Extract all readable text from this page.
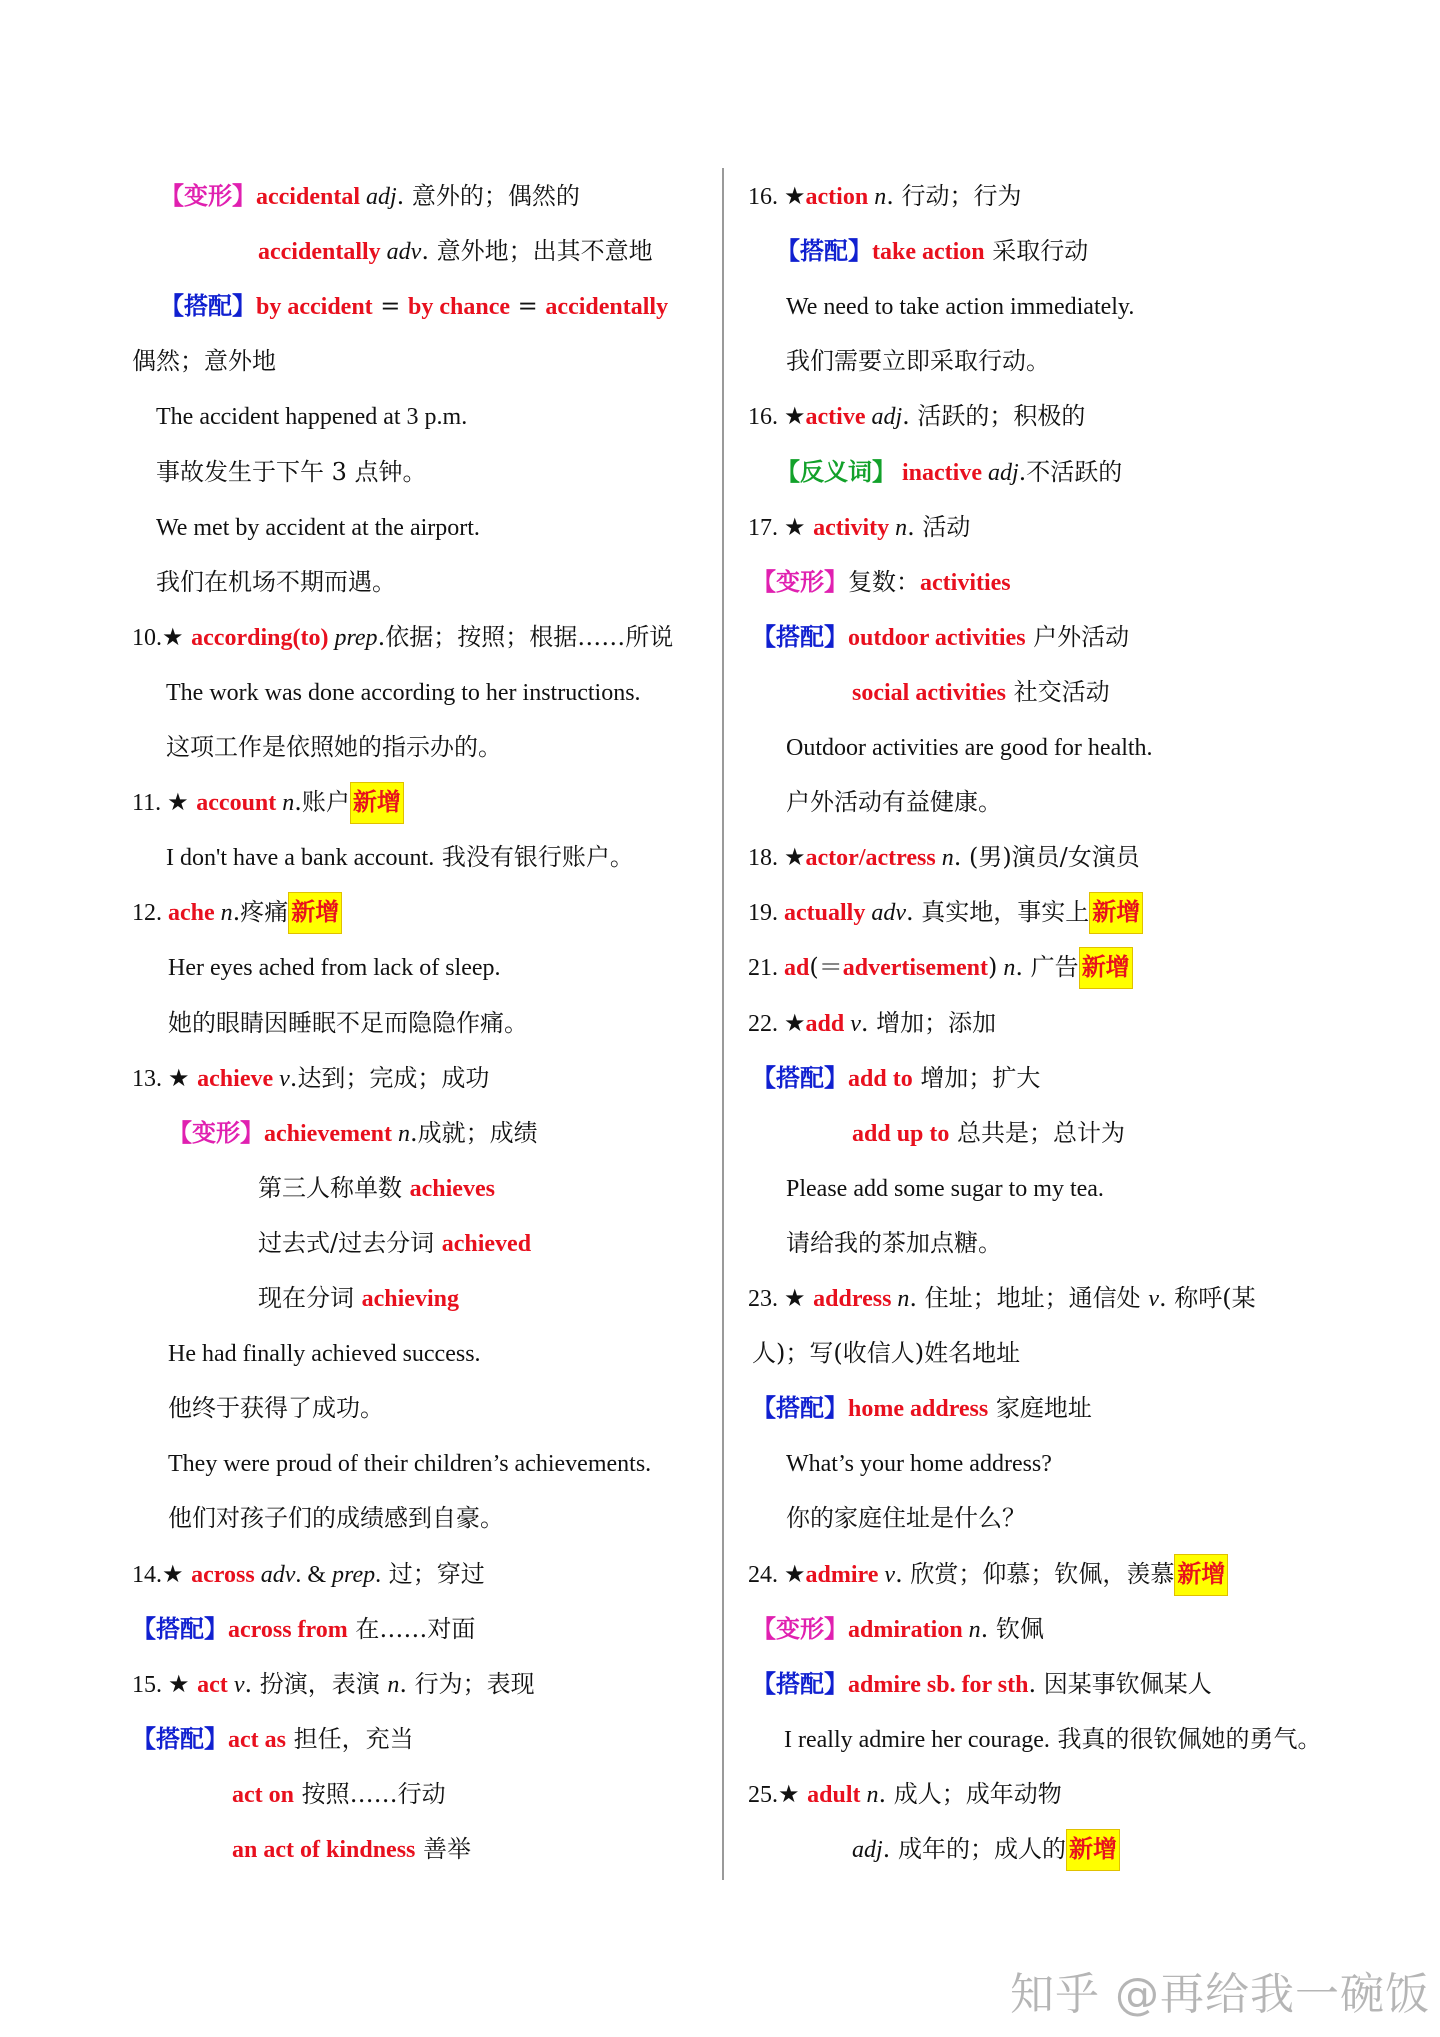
【变形】accidental adj. 意外的；偶然的
accidentally adv. 意外地；出其不意地
【搭配】by accident = by chance = accidentally
偶然；意外地
The accident happened at 3 p.m.
事故发生于下午 3 点钟。
We met by accident at the airport.
我们在机场不期而遇。
10.★ according(to) prep.依据；按照；根据……所说
The work was done according to her instructions.
这项工作是依照她的指示办的。
11. ★ account n.账户 新增
I don't have a bank account. 我没有银行账户。
12. ache n.疼痛 新增
Her eyes ached from lack of sleep.
她的眼睛因睡眠不足而隐隐作痛。
13. ★ achieve v.达到；完成；成功
【变形】achievement n.成就；成绩
第三人称单数 achieves
过去式/过去分词 achieved
现在分词 achieving
He had finally achieved success.
他终于获得了成功。
They were proud of their children’s achievements.
他们对孩子们的成绩感到自豪。
14.★ across adv. & prep. 过；穿过
【搭配】across from 在……对面
15. ★ act v. 扮演，表演 n. 行为；表现
【搭配】act as 担任，充当
act on 按照……行动
an act of kindness 善举
16. ★action n. 行动；行为
【搭配】take action 采取行动
We need to take action immediately.
我们需要立即采取行动。
16. ★active adj. 活跃的；积极的
【反义词】 inactive adj.不活跃的
17. ★ activity n. 活动
【变形】复数：activities
【搭配】outdoor activities 户外活动
social activities 社交活动
Outdoor activities are good for health.
户外活动有益健康。
18. ★actor/actress n. (男)演员/女演员
19. actually adv. 真实地，事实上 新增
21. ad(＝advertisement) n. 广告 新增
22. ★add v. 增加；添加
【搭配】add to 增加；扩大
add up to 总共是；总计为
Please add some sugar to my tea.
请给我的茶加点糖。
23. ★ address n. 住址；地址；通信处 v. 称呼(某
人)；写(收信人)姓名地址
【搭配】home address 家庭地址
What’s your home address?
你的家庭住址是什么？
24. ★admire v. 欣赏；仰慕；钦佩，羡慕 新增
【变形】admiration n. 钦佩
【搭配】admire sb. for sth. 因某事钦佩某人
I really admire her courage. 我真的很钦佩她的勇气。
25.★ adult n. 成人；成年动物
adj. 成年的；成人的 新增
知乎 @再给我一碗饭
